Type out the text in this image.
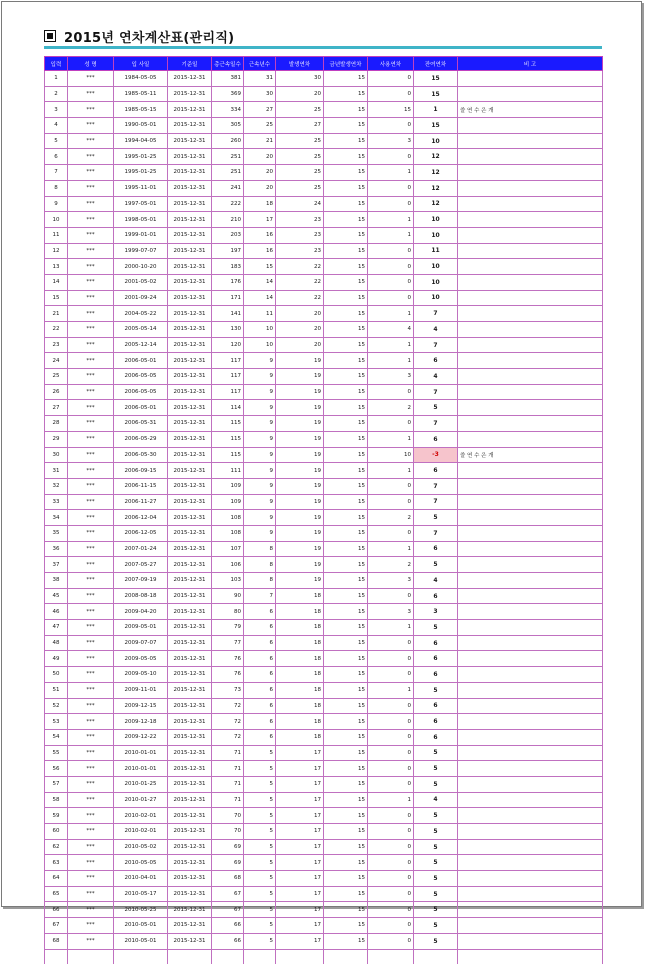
2015년 연차계산표(관리직)
입력	성 명	입 사일	기준일	총근속일수	근속년수	발생연차	금년발생연차	사용연차	잔여연차	비 고
1	***	1984-05-05	2015-12-31	381	31	30	15	0	15	
2	***	1985-05-11	2015-12-31	369	30	20	15	0	15	
3	***	1985-05-15	2015-12-31	334	27	25	15	15	1	쓸 연 수 은 개
4	***	1990-05-01	2015-12-31	305	25	27	15	0	15	
5	***	1994-04-05	2015-12-31	260	21	25	15	3	10	
6	***	1995-01-25	2015-12-31	251	20	25	15	0	12	
7	***	1995-01-25	2015-12-31	251	20	25	15	1	12	
8	***	1995-11-01	2015-12-31	241	20	25	15	0	12	
9	***	1997-05-01	2015-12-31	222	18	24	15	0	12	
10	***	1998-05-01	2015-12-31	210	17	23	15	1	10	
11	***	1999-01-01	2015-12-31	203	16	23	15	1	10	
12	***	1999-07-07	2015-12-31	197	16	23	15	0	11	
13	***	2000-10-20	2015-12-31	183	15	22	15	0	10	
14	***	2001-05-02	2015-12-31	176	14	22	15	0	10	
15	***	2001-09-24	2015-12-31	171	14	22	15	0	10	
21	***	2004-05-22	2015-12-31	141	11	20	15	1	7	
22	***	2005-05-14	2015-12-31	130	10	20	15	4	4	
23	***	2005-12-14	2015-12-31	120	10	20	15	1	7	
24	***	2006-05-01	2015-12-31	117	9	19	15	1	6	
25	***	2006-05-05	2015-12-31	117	9	19	15	3	4	
26	***	2006-05-05	2015-12-31	117	9	19	15	0	7	
27	***	2006-05-01	2015-12-31	114	9	19	15	2	5	
28	***	2006-05-31	2015-12-31	115	9	19	15	0	7	
29	***	2006-05-29	2015-12-31	115	9	19	15	1	6	
30	***	2006-05-30	2015-12-31	115	9	19	15	10	-3	쓸 연 수 은 개
31	***	2006-09-15	2015-12-31	111	9	19	15	1	6	
32	***	2006-11-15	2015-12-31	109	9	19	15	0	7	
33	***	2006-11-27	2015-12-31	109	9	19	15	0	7	
34	***	2006-12-04	2015-12-31	108	9	19	15	2	5	
35	***	2006-12-05	2015-12-31	108	9	19	15	0	7	
36	***	2007-01-24	2015-12-31	107	8	19	15	1	6	
37	***	2007-05-27	2015-12-31	106	8	19	15	2	5	
38	***	2007-09-19	2015-12-31	103	8	19	15	3	4	
45	***	2008-08-18	2015-12-31	90	7	18	15	0	6	
46	***	2009-04-20	2015-12-31	80	6	18	15	3	3	
47	***	2009-05-01	2015-12-31	79	6	18	15	1	5	
48	***	2009-07-07	2015-12-31	77	6	18	15	0	6	
49	***	2009-05-05	2015-12-31	76	6	18	15	0	6	
50	***	2009-05-10	2015-12-31	76	6	18	15	0	6	
51	***	2009-11-01	2015-12-31	73	6	18	15	1	5	
52	***	2009-12-15	2015-12-31	72	6	18	15	0	6	
53	***	2009-12-18	2015-12-31	72	6	18	15	0	6	
54	***	2009-12-22	2015-12-31	72	6	18	15	0	6	
55	***	2010-01-01	2015-12-31	71	5	17	15	0	5	
56	***	2010-01-01	2015-12-31	71	5	17	15	0	5	
57	***	2010-01-25	2015-12-31	71	5	17	15	0	5	
58	***	2010-01-27	2015-12-31	71	5	17	15	1	4	
59	***	2010-02-01	2015-12-31	70	5	17	15	0	5	
60	***	2010-02-01	2015-12-31	70	5	17	15	0	5	
62	***	2010-05-02	2015-12-31	69	5	17	15	0	5	
63	***	2010-05-05	2015-12-31	69	5	17	15	0	5	
64	***	2010-04-01	2015-12-31	68	5	17	15	0	5	
65	***	2010-05-17	2015-12-31	67	5	17	15	0	5	
66	***	2010-05-25	2015-12-31	67	5	17	15	0	5	
67	***	2010-05-01	2015-12-31	66	5	17	15	0	5	
68	***	2010-05-01	2015-12-31	66	5	17	15	0	5	
